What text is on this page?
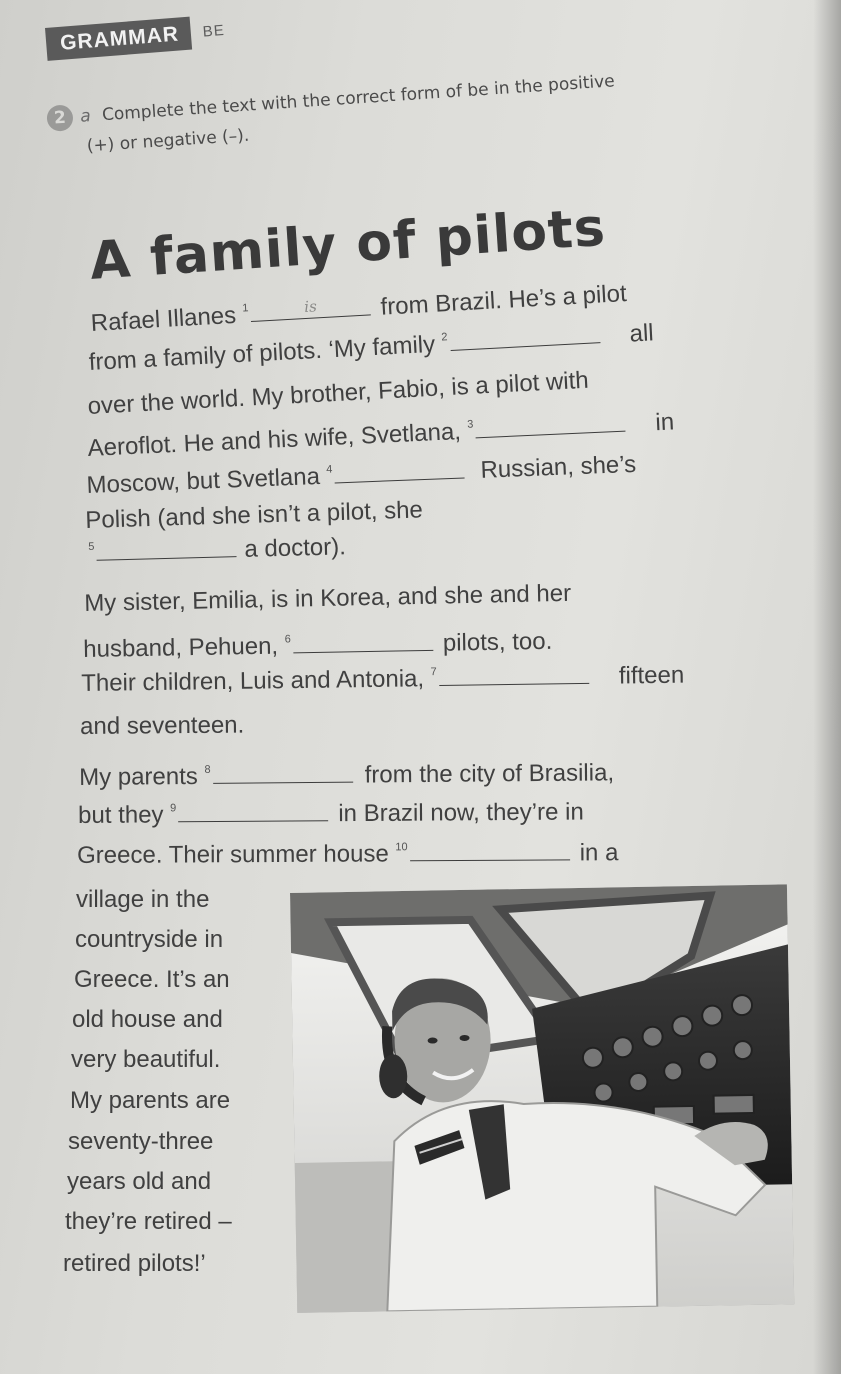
GRAMMAR	BE
2 a Complete the text with the correct form of be in the positive
(+) or negative (–).
A family of pilots
Rafael Illanes $^1$	is	from Brazil. He’s a pilot
from a family of pilots. ‘My family $^2$	all
over the world. My brother, Fabio, is a pilot with
Aeroflot. He and his wife, Svetlana, $^3$	in
Moscow, but Svetlana $^4$	Russian, she’s
Polish (and she isn’t a pilot, she
$^5$	a doctor).
My sister, Emilia, is in Korea, and she and her
husband, Pehuen, $^6$	pilots, too.
Their children, Luis and Antonia, $^7$	fifteen
and seventeen.
My parents $^8$	from the city of Brasilia,
but they $^9$	in Brazil now, they’re in
Greece. Their summer house $^{10}$	in a
village in the
countryside in
Greece. It’s an
old house and
very beautiful.
My parents are
seventy-three
years old and
they’re retired –
retired pilots!’
